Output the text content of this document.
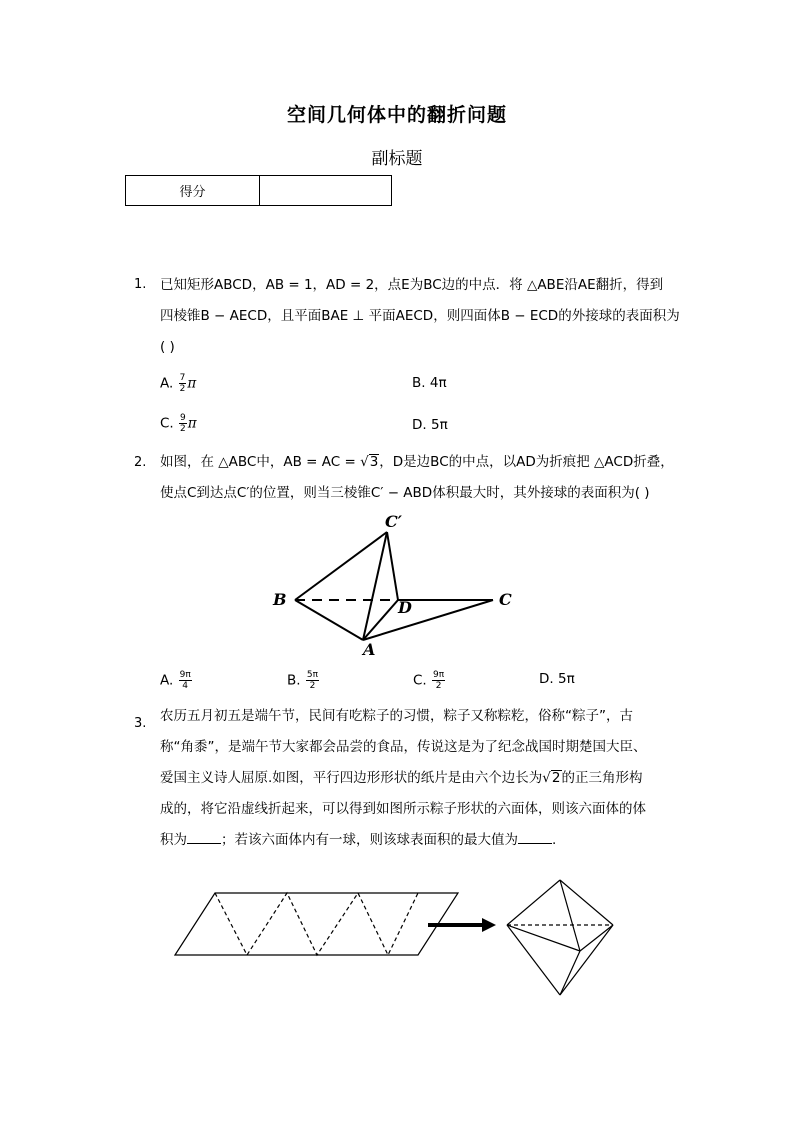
空间几何体中的翻折问题
副标题
得分	
1. 已知矩形ABCD，AB = 1，AD = 2，点E为BC边的中点．将 △ABE沿AE翻折，得到
四棱锥B − AECD，且平面BAE ⊥ 平面AECD，则四面体B − ECD的外接球的表面积为
( )
A. $\frac{7}{2}$ π	B. 4π
C. $\frac{9}{2}$ π	D. 5π
2. 如图，在 △ABC中，AB = AC = √3，D是边BC的中点，以AD为折痕把 △ACD折叠，
使点C到达点C′的位置，则当三棱锥C′ − ABD体积最大时，其外接球的表面积为( )
C′
B	D	C
A
A. $\frac{9\pi}{4}$	B. $\frac{5\pi}{2}$	C. $\frac{9\pi}{2}$	D. 5π
3. 农历五月初五是端午节，民间有吃粽子的习惯，粽子又称粽籺，俗称“粽子”，古
称“角黍”，是端午节大家都会品尝的食品，传说这是为了纪念战国时期楚国大臣、
爱国主义诗人屈原.如图，平行四边形形状的纸片是由六个边长为√2的正三角形构
成的，将它沿虚线折起来，可以得到如图所示粽子形状的六面体，则该六面体的体
积为	；若该六面体内有一球，则该球表面积的最大值为	.
